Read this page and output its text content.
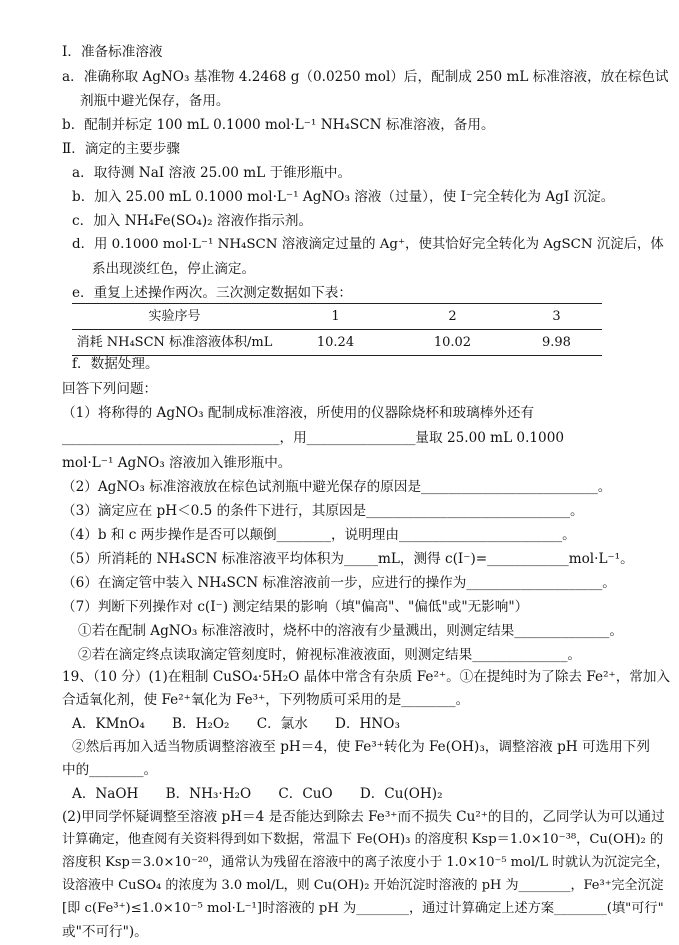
Ⅰ．准备标准溶液
a．准确称取 AgNO₃ 基准物 4.2468 g（0.0250 mol）后，配制成 250 mL 标准溶液，放在棕色试
剂瓶中避光保存，备用。
b．配制并标定 100 mL 0.1000 mol·L⁻¹ NH₄SCN 标准溶液，备用。
Ⅱ．滴定的主要步骤
a．取待测 NaI 溶液 25.00 mL 于锥形瓶中。
b．加入 25.00 mL 0.1000 mol·L⁻¹ AgNO₃ 溶液（过量），使 I⁻完全转化为 AgI 沉淀。
c．加入 NH₄Fe(SO₄)₂ 溶液作指示剂。
d．用 0.1000 mol·L⁻¹ NH₄SCN 溶液滴定过量的 Ag⁺，使其恰好完全转化为 AgSCN 沉淀后，体
系出现淡红色，停止滴定。
e．重复上述操作两次。三次测定数据如下表：
实验序号	1	2	3
消耗 NH₄SCN 标准溶液体积/mL	10.24	10.02	9.98
f．数据处理。
回答下列问题：
（1）将称得的 AgNO₃ 配制成标准溶液，所使用的仪器除烧杯和玻璃棒外还有
________________________________，用________________量取 25.00 mL 0.1000
mol·L⁻¹ AgNO₃ 溶液加入锥形瓶中。
（2）AgNO₃ 标准溶液放在棕色试剂瓶中避光保存的原因是__________________________。
（3）滴定应在 pH＜0.5 的条件下进行，其原因是______________________________。
（4）b 和 c 两步操作是否可以颠倒________，说明理由________________________。
（5）所消耗的 NH₄SCN 标准溶液平均体积为_____mL，测得 c(I⁻)=____________mol·L⁻¹。
（6）在滴定管中装入 NH₄SCN 标准溶液前一步，应进行的操作为____________________。
（7）判断下列操作对 c(I⁻) 测定结果的影响（填"偏高"、"偏低"或"无影响"）
①若在配制 AgNO₃ 标准溶液时，烧杯中的溶液有少量溅出，则测定结果______________。
②若在滴定终点读取滴定管刻度时，俯视标准液液面，则测定结果______________。
19、（10 分）(1)在粗制 CuSO₄·5H₂O 晶体中常含有杂质 Fe²⁺。①在提纯时为了除去 Fe²⁺，常加入
合适氧化剂，使 Fe²⁺氧化为 Fe³⁺，下列物质可采用的是________。
A．KMnO₄　　B．H₂O₂　　C．氯水　　D．HNO₃
②然后再加入适当物质调整溶液至 pH＝4，使 Fe³⁺转化为 Fe(OH)₃，调整溶液 pH 可选用下列
中的________。
A．NaOH　　B．NH₃·H₂O　　C．CuO　　D．Cu(OH)₂
(2)甲同学怀疑调整至溶液 pH＝4 是否能达到除去 Fe³⁺而不损失 Cu²⁺的目的，乙同学认为可以通过
计算确定，他查阅有关资料得到如下数据，常温下 Fe(OH)₃ 的溶度积 Ksp＝1.0×10⁻³⁸，Cu(OH)₂ 的
溶度积 Ksp＝3.0×10⁻²⁰，通常认为残留在溶液中的离子浓度小于 1.0×10⁻⁵ mol/L 时就认为沉淀完全，
设溶液中 CuSO₄ 的浓度为 3.0 mol/L，则 Cu(OH)₂ 开始沉淀时溶液的 pH 为________，Fe³⁺完全沉淀
[即 c(Fe³⁺)≤1.0×10⁻⁵ mol·L⁻¹]时溶液的 pH 为________，通过计算确定上述方案________(填"可行"
或"不可行")。
